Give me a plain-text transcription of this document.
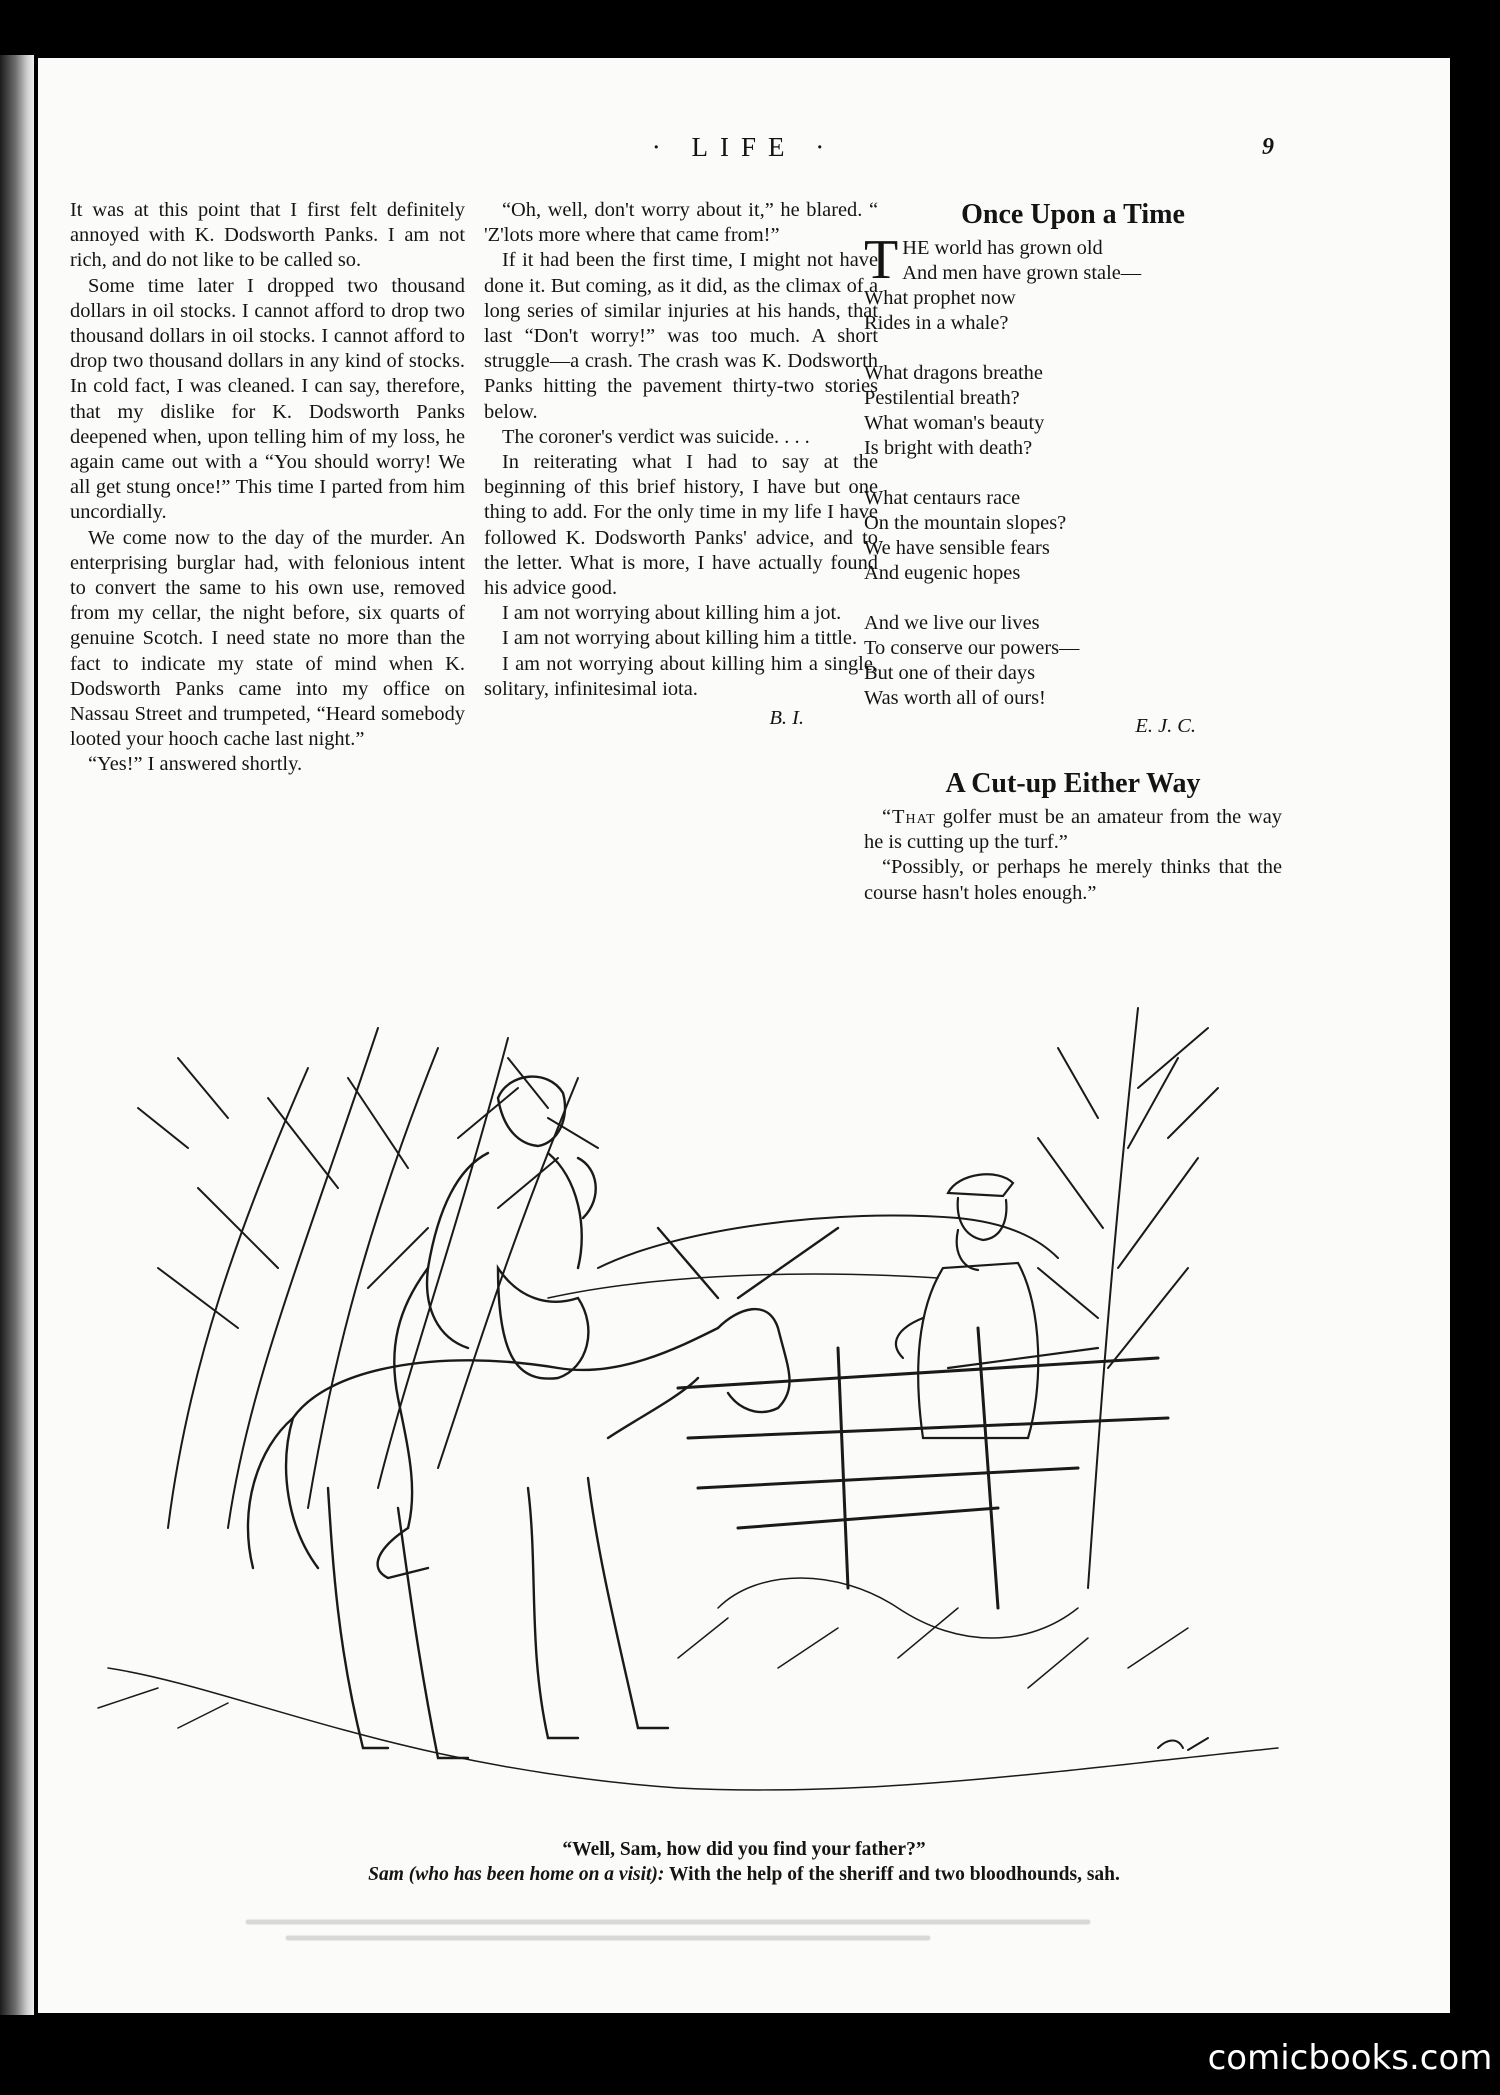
· LIFE ·	9

It was at this point that I first felt definitely annoyed with K. Dodsworth Panks. I am not rich, and do not like to be called so.

Some time later I dropped two thousand dollars in oil stocks. I cannot afford to drop two thousand dollars in oil stocks. I cannot afford to drop two thousand dollars in any kind of stocks. In cold fact, I was cleaned. I can say, therefore, that my dislike for K. Dodsworth Panks deepened when, upon telling him of my loss, he again came out with a “You should worry! We all get stung once!” This time I parted from him uncordially.

We come now to the day of the murder. An enterprising burglar had, with felonious intent to convert the same to his own use, removed from my cellar, the night before, six quarts of genuine Scotch. I need state no more than the fact to indicate my state of mind when K. Dodsworth Panks came into my office on Nassau Street and trumpeted, “Heard somebody looted your hooch cache last night.”

“Yes!” I answered shortly.

“Oh, well, don't worry about it,” he blared. “ 'Z'lots more where that came from!”

If it had been the first time, I might not have done it. But coming, as it did, as the climax of a long series of similar injuries at his hands, that last “Don't worry!” was too much. A short struggle—a crash. The crash was K. Dodsworth Panks hitting the pavement thirty-two stories below.

The coroner's verdict was suicide. . . .

In reiterating what I had to say at the beginning of this brief history, I have but one thing to add. For the only time in my life I have followed K. Dodsworth Panks' advice, and to the letter. What is more, I have actually found his advice good.

I am not worrying about killing him a jot.

I am not worrying about killing him a tittle.

I am not worrying about killing him a single, solitary, infinitesimal iota.

B. I.
Once Upon a Time
T HE world has grown old
And men have grown stale—
What prophet now
Rides in a whale?
What dragons breathe
Pestilential breath?
What woman's beauty
Is bright with death?
What centaurs race
On the mountain slopes?
We have sensible fears
And eugenic hopes
And we live our lives
To conserve our powers—
But one of their days
Was worth all of ours!
E. J. C.
A Cut-up Either Way

“That golfer must be an amateur from the way he is cutting up the turf.”

“Possibly, or perhaps he merely thinks that the course hasn't holes enough.”

“Well, Sam, how did you find your father?”
Sam (who has been home on a visit): With the help of the sheriff and two bloodhounds, sah.
comicbooks.com
